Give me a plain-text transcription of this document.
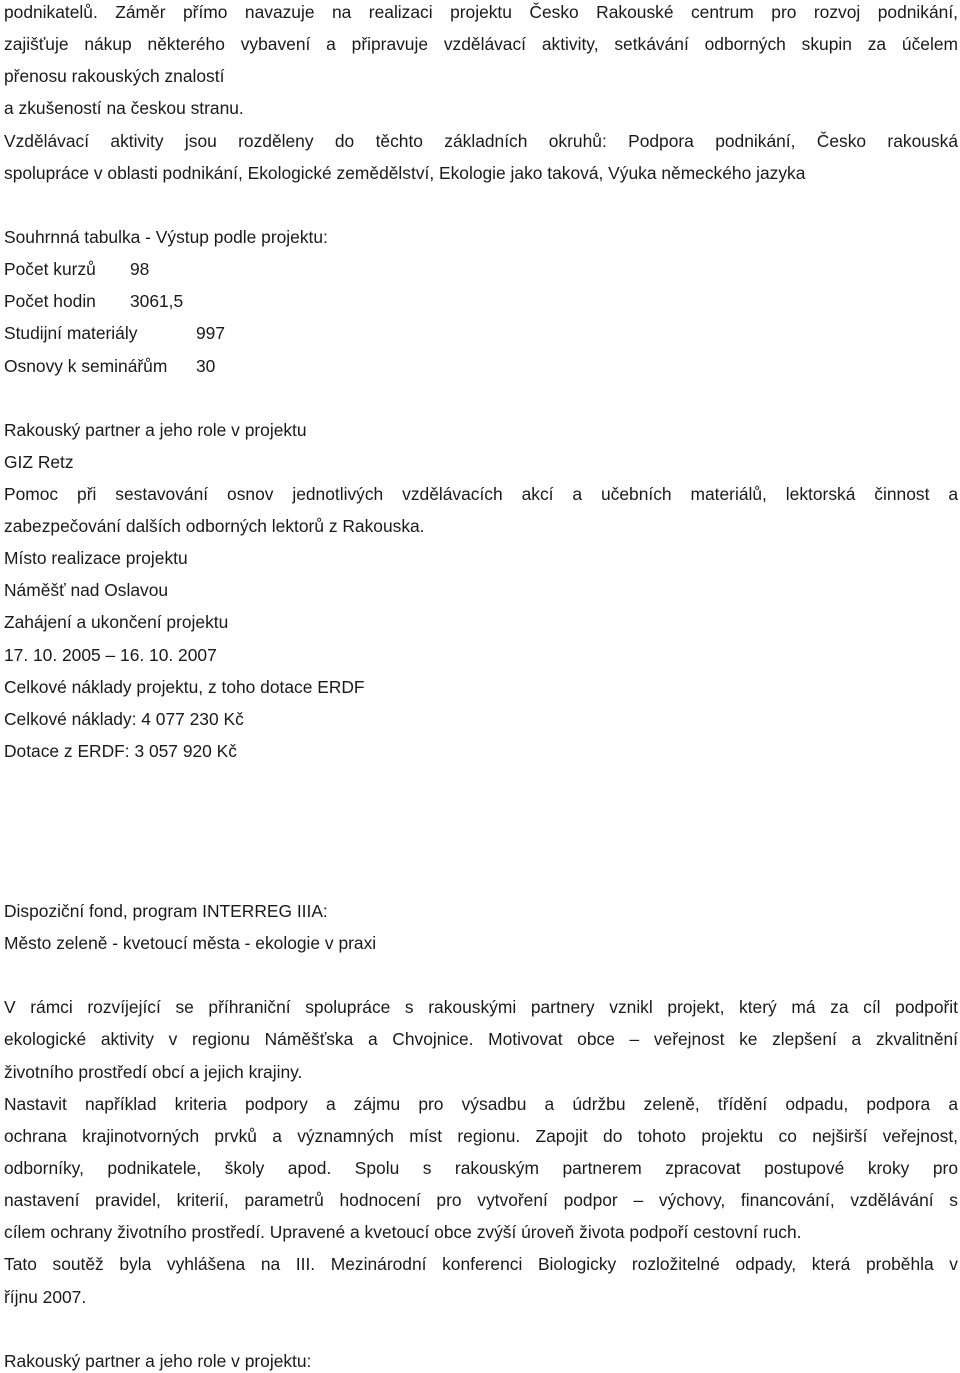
podnikatelů. Záměr přímo navazuje na realizaci projektu Česko Rakouské centrum pro rozvoj podnikání,
zajišťuje nákup některého vybavení a připravuje vzdělávací aktivity, setkávání odborných skupin za účelem
přenosu rakouských znalostí
a zkušeností na českou stranu.
Vzdělávací aktivity jsou rozděleny do těchto základních okruhů: Podpora podnikání, Česko rakouská
spolupráce v oblasti podnikání, Ekologické zemědělství, Ekologie jako taková, Výuka německého jazyka
Souhrnná tabulka - Výstup podle projektu:
Počet kurzů 98
Počet hodin 3061,5
Studijní materiály	997
Osnovy k seminářům 30
Rakouský partner a jeho role v projektu
GIZ Retz
Pomoc při sestavování osnov jednotlivých vzdělávacích akcí a učebních materiálů, lektorská činnost a
zabezpečování dalších odborných lektorů z Rakouska.
Místo realizace projektu
Náměšť nad Oslavou
Zahájení a ukončení projektu
17. 10. 2005 – 16. 10. 2007
Celkové náklady projektu, z toho dotace ERDF
Celkové náklady: 4 077 230 Kč
Dotace z ERDF: 3 057 920 Kč
Dispoziční fond, program INTERREG IIIA:
Město zeleně - kvetoucí města - ekologie v praxi
V rámci rozvíjející se příhraniční spolupráce s rakouskými partnery vznikl projekt, který má za cíl podpořit
ekologické aktivity v regionu Náměšťska a Chvojnice. Motivovat obce – veřejnost ke zlepšení a zkvalitnění
životního prostředí obcí a jejich krajiny.
Nastavit například kriteria podpory a zájmu pro výsadbu a údržbu zeleně, třídění odpadu, podpora a
ochrana krajinotvorných prvků a významných míst regionu. Zapojit do tohoto projektu co nejširší veřejnost,
odborníky, podnikatele, školy apod. Spolu s rakouským partnerem zpracovat postupové kroky pro
nastavení pravidel, kriterií, parametrů hodnocení pro vytvoření podpor – výchovy, financování, vzdělávání s
cílem ochrany životního prostředí. Upravené a kvetoucí obce zvýší úroveň života podpoří cestovní ruch.
Tato soutěž byla vyhlášena na III. Mezinárodní konferenci Biologicky rozložitelné odpady, která proběhla v
říjnu 2007.
Rakouský partner a jeho role v projektu:
